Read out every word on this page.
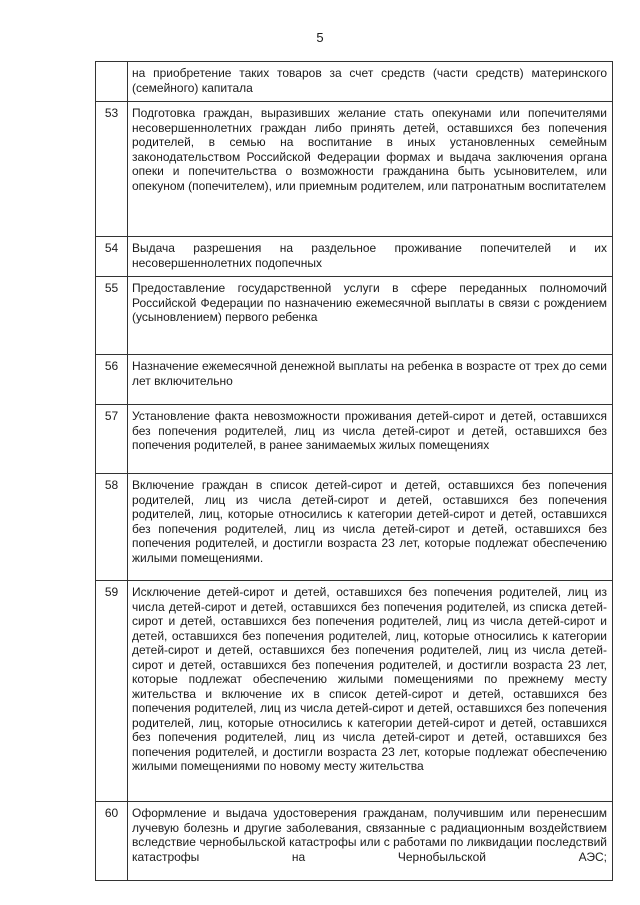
5
	на приобретение таких товаров за счет средств (части средств) материнского (семейного) капитала
53	Подготовка граждан, выразивших желание стать опекунами или попечителями несовершеннолетних граждан либо принять детей, оставшихся без попечения родителей, в семью на воспитание в иных установленных семейным законодательством Российской Федерации формах и выдача заключения органа опеки и попечительства о возможности гражданина быть усыновителем, или опекуном (попечителем), или приемным родителем, или патронатным воспитателем
54	Выдача разрешения на раздельное проживание попечителей и их несовершеннолетних подопечных
55	Предоставление государственной услуги в сфере переданных полномочий Российской Федерации по назначению ежемесячной выплаты в связи с рождением (усыновлением) первого ребенка
56	Назначение ежемесячной денежной выплаты на ребенка в возрасте от трех до семи лет включительно
57	Установление факта невозможности проживания детей-сирот и детей, оставшихся без попечения родителей, лиц из числа детей-сирот и детей, оставшихся без попечения родителей, в ранее занимаемых жилых помещениях
58	Включение граждан в список детей-сирот и детей, оставшихся без попечения родителей, лиц из числа детей-сирот и детей, оставшихся без попечения родителей, лиц, которые относились к категории детей-сирот и детей, оставшихся без попечения родителей, лиц из числа детей-сирот и детей, оставшихся без попечения родителей, и достигли возраста 23 лет, которые подлежат обеспечению жилыми помещениями.
59	Исключение детей-сирот и детей, оставшихся без попечения родителей, лиц из числа детей-сирот и детей, оставшихся без попечения родителей, из списка детей-сирот и детей, оставшихся без попечения родителей, лиц из числа детей-сирот и детей, оставшихся без попечения родителей, лиц, которые относились к категории детей-сирот и детей, оставшихся без попечения родителей, лиц из числа детей-сирот и детей, оставшихся без попечения родителей, и достигли возраста 23 лет, которые подлежат обеспечению жилыми помещениями по прежнему месту жительства и включение их в список детей-сирот и детей, оставшихся без попечения родителей, лиц из числа детей-сирот и детей, оставшихся без попечения родителей, лиц, которые относились к категории детей-сирот и детей, оставшихся без попечения родителей, лиц из числа детей-сирот и детей, оставшихся без попечения родителей, и достигли возраста 23 лет, которые подлежат обеспечению жилыми помещениями по новому месту жительства
60	Оформление и выдача удостоверения гражданам, получившим или перенесшим лучевую болезнь и другие заболевания, связанные с радиационным воздействием вследствие чернобыльской катастрофы или с работами по ликвидации последствий катастрофы на Чернобыльской АЭС;
